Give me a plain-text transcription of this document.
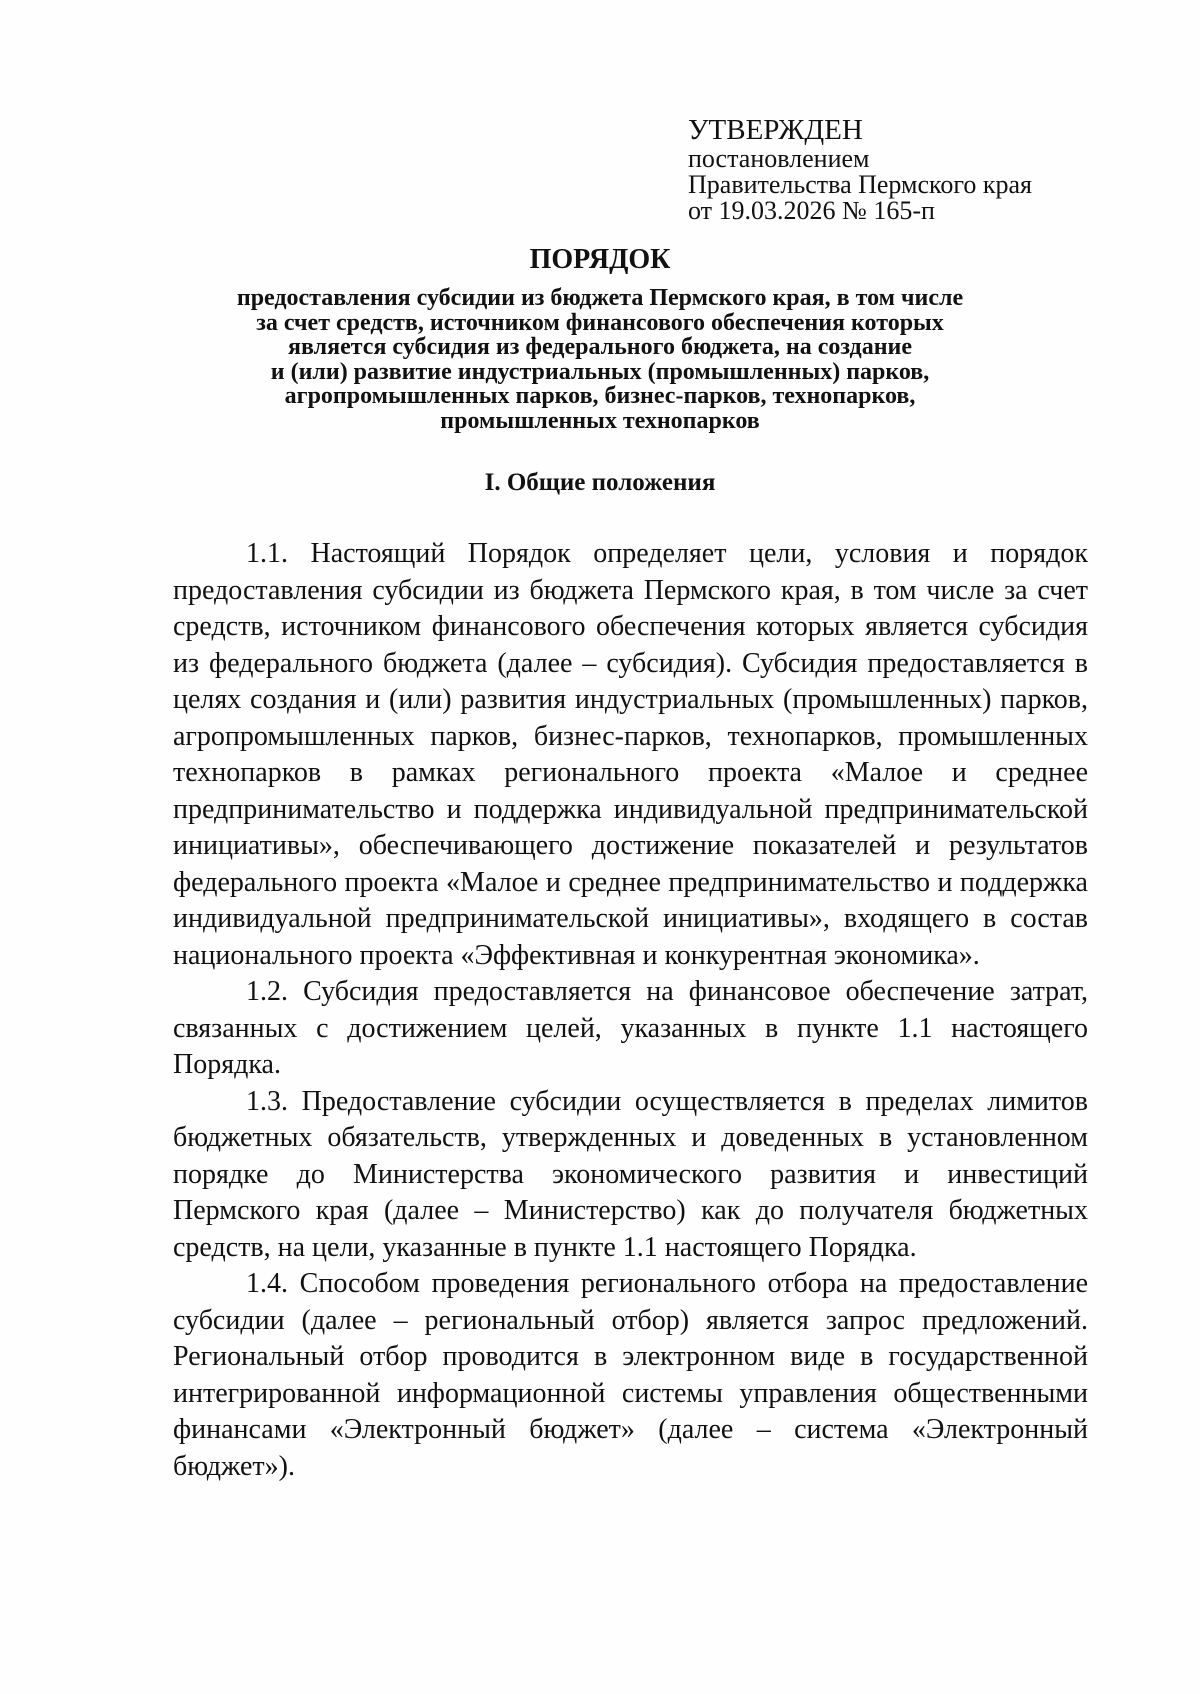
УТВЕРЖДЕН
постановлением
Правительства Пермского края
от 19.03.2026 № 165-п
ПОРЯДОК
предоставления субсидии из бюджета Пермского края, в том числе
за счет средств, источником финансового обеспечения которых
является субсидия из федерального бюджета, на создание
и (или) развитие индустриальных (промышленных) парков,
агропромышленных парков, бизнес-парков, технопарков,
промышленных технопарков
I. Общие положения

1.1. Настоящий Порядок определяет цели, условия и порядок предоставления субсидии из бюджета Пермского края, в том числе за счет средств, источником финансового обеспечения которых является субсидия из федерального бюджета (далее – субсидия). Субсидия предоставляется в целях создания и (или) развития индустриальных (промышленных) парков, агропромышленных парков, бизнес-парков, технопарков, промышленных технопарков в рамках регионального проекта «Малое и среднее предпринимательство и поддержка индивидуальной предпринимательской инициативы», обеспечивающего достижение показателей и результатов федерального проекта «Малое и среднее предпринимательство и поддержка индивидуальной предпринимательской инициативы», входящего в состав национального проекта «Эффективная и конкурентная экономика».

1.2. Субсидия предоставляется на финансовое обеспечение затрат, связанных с достижением целей, указанных в пункте 1.1 настоящего Порядка.

1.3. Предоставление субсидии осуществляется в пределах лимитов бюджетных обязательств, утвержденных и доведенных в установленном порядке до Министерства экономического развития и инвестиций Пермского края (далее – Министерство) как до получателя бюджетных средств, на цели, указанные в пункте 1.1 настоящего Порядка.

1.4. Способом проведения регионального отбора на предоставление субсидии (далее – региональный отбор) является запрос предложений. Региональный отбор проводится в электронном виде в государственной интегрированной информационной системы управления общественными финансами «Электронный бюджет» (далее – система «Электронный бюджет»).
